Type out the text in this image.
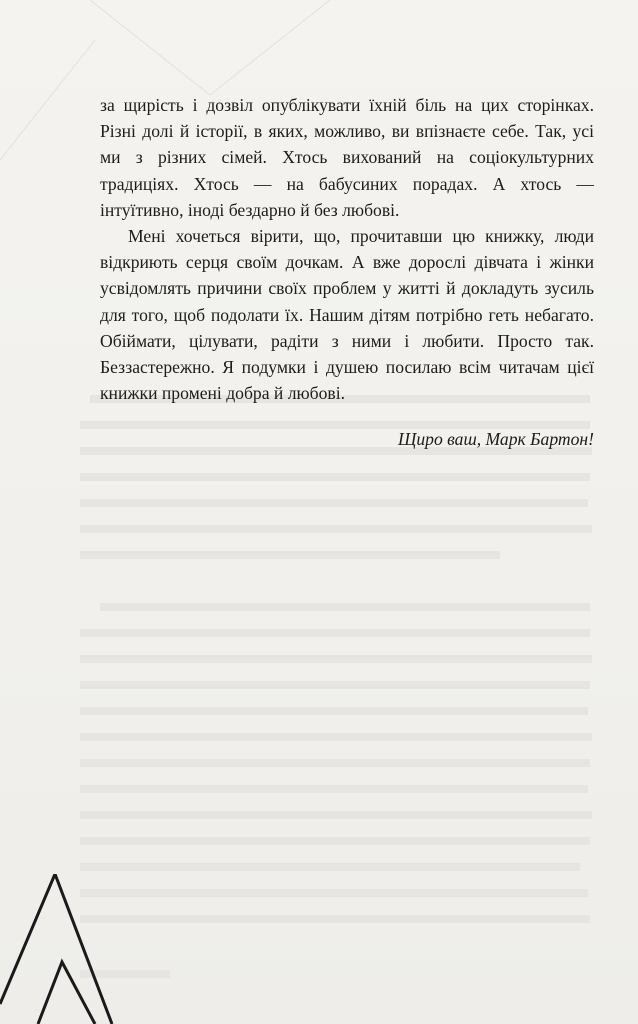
за щирість і дозвіл опублікувати їхній біль на цих сторінках. Різні долі й історії, в яких, можливо, ви впізнаєте себе. Так, усі ми з різних сімей. Хтось вихований на соціокультурних традиціях. Хтось — на бабусиних порадах. А хтось — інтуїтивно, іноді бездарно й без любові.

Мені хочеться вірити, що, прочитавши цю книжку, люди відкриють серця своїм дочкам. А вже дорослі дівчата і жінки усвідомлять причини своїх проблем у житті й докладуть зусиль для того, щоб подолати їх. Нашим дітям потрібно геть небагато. Обіймати, цілувати, радіти з ними і любити. Просто так. Беззастережно. Я подумки і душею посилаю всім читачам цієї книжки промені добра й любові.

Щиро ваш, Марк Бартон!
